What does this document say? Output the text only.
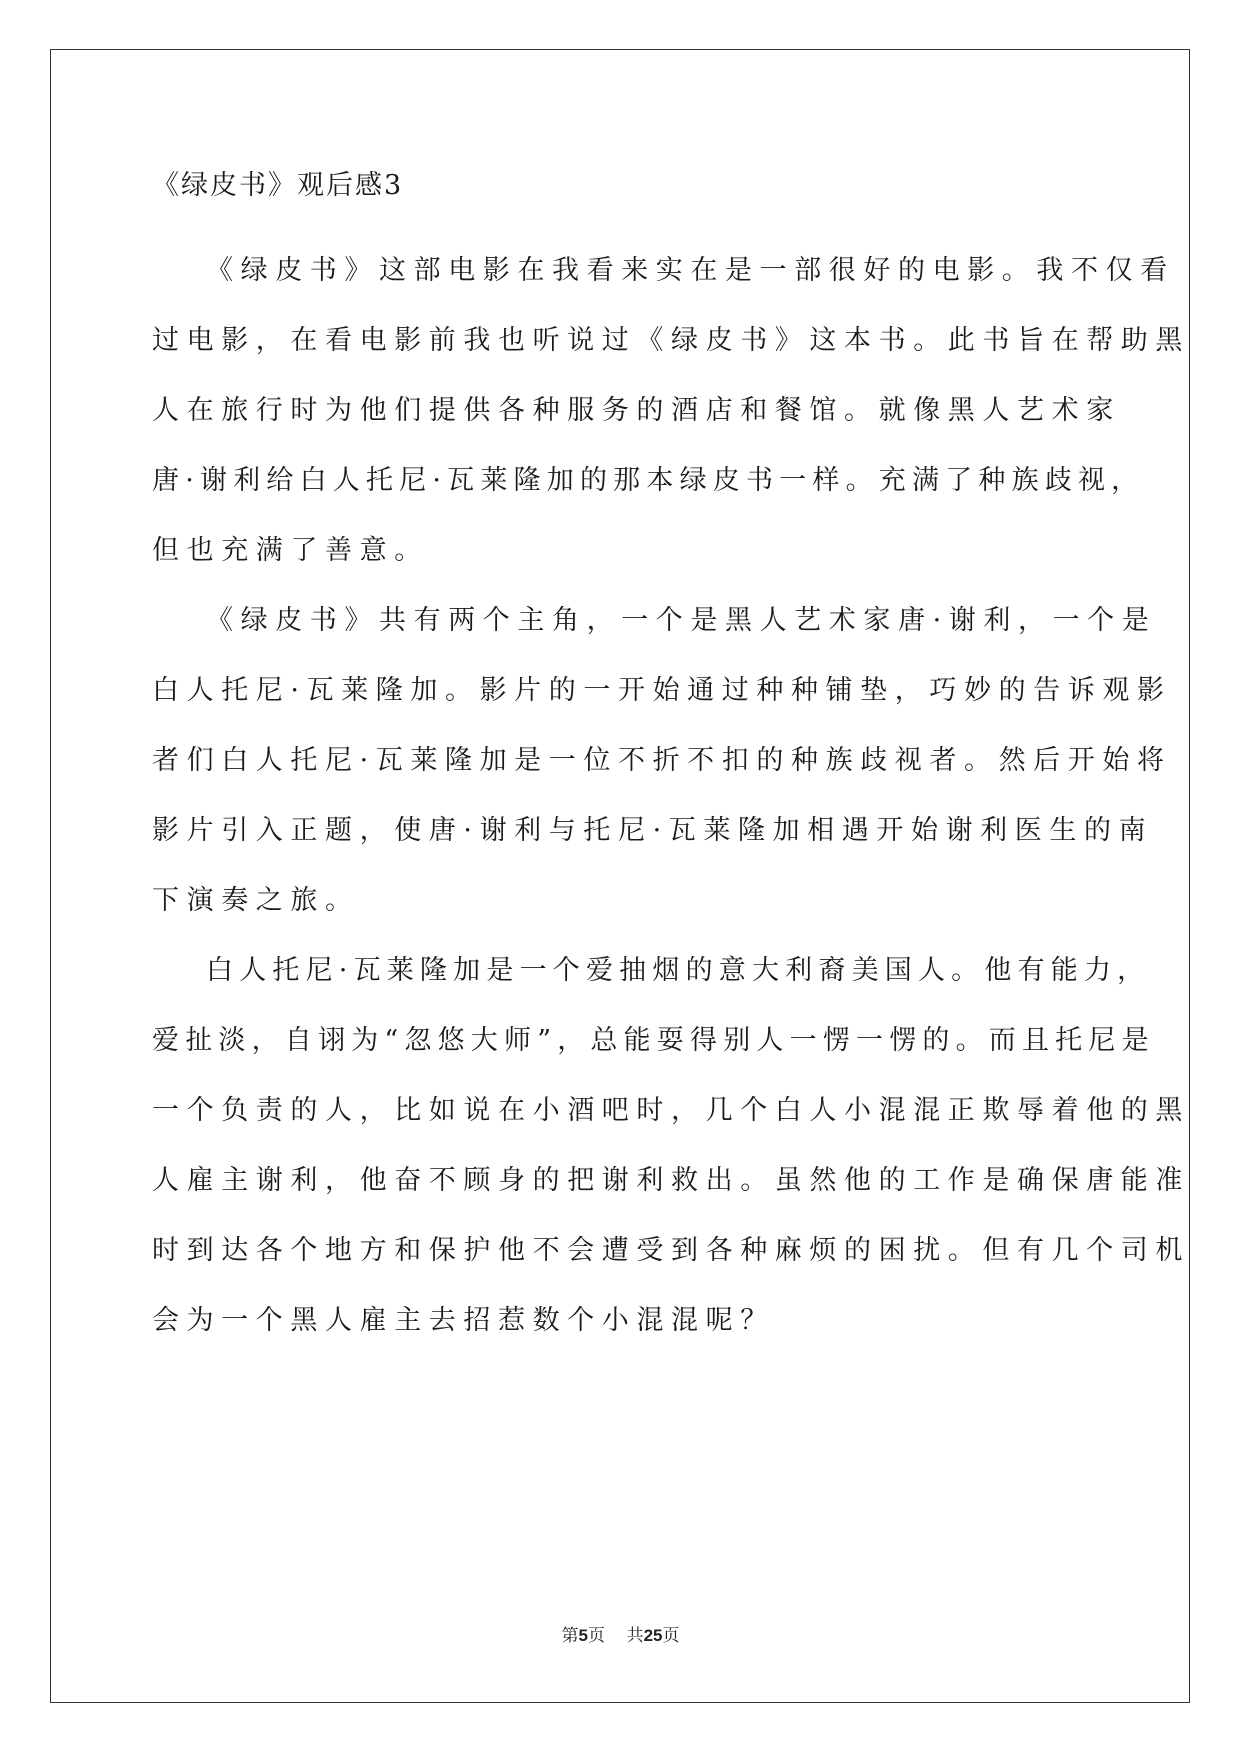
《绿皮书》观后感3
《绿皮书》这部电影在我看来实在是一部很好的电影。我不仅看
过电影，在看电影前我也听说过《绿皮书》这本书。此书旨在帮助黑
人在旅行时为他们提供各种服务的酒店和餐馆。就像黑人艺术家
唐·谢利给白人托尼·瓦莱隆加的那本绿皮书一样。充满了种族歧视，
但也充满了善意。
《绿皮书》共有两个主角，一个是黑人艺术家唐·谢利，一个是
白人托尼·瓦莱隆加。影片的一开始通过种种铺垫，巧妙的告诉观影
者们白人托尼·瓦莱隆加是一位不折不扣的种族歧视者。然后开始将
影片引入正题，使唐·谢利与托尼·瓦莱隆加相遇开始谢利医生的南
下演奏之旅。
白人托尼·瓦莱隆加是一个爱抽烟的意大利裔美国人。他有能力，
爱扯淡，自诩为“忽悠大师”，总能耍得别人一愣一愣的。而且托尼是
一个负责的人，比如说在小酒吧时，几个白人小混混正欺辱着他的黑
人雇主谢利，他奋不顾身的把谢利救出。虽然他的工作是确保唐能准
时到达各个地方和保护他不会遭受到各种麻烦的困扰。但有几个司机
会为一个黑人雇主去招惹数个小混混呢？
第5页 共25页
